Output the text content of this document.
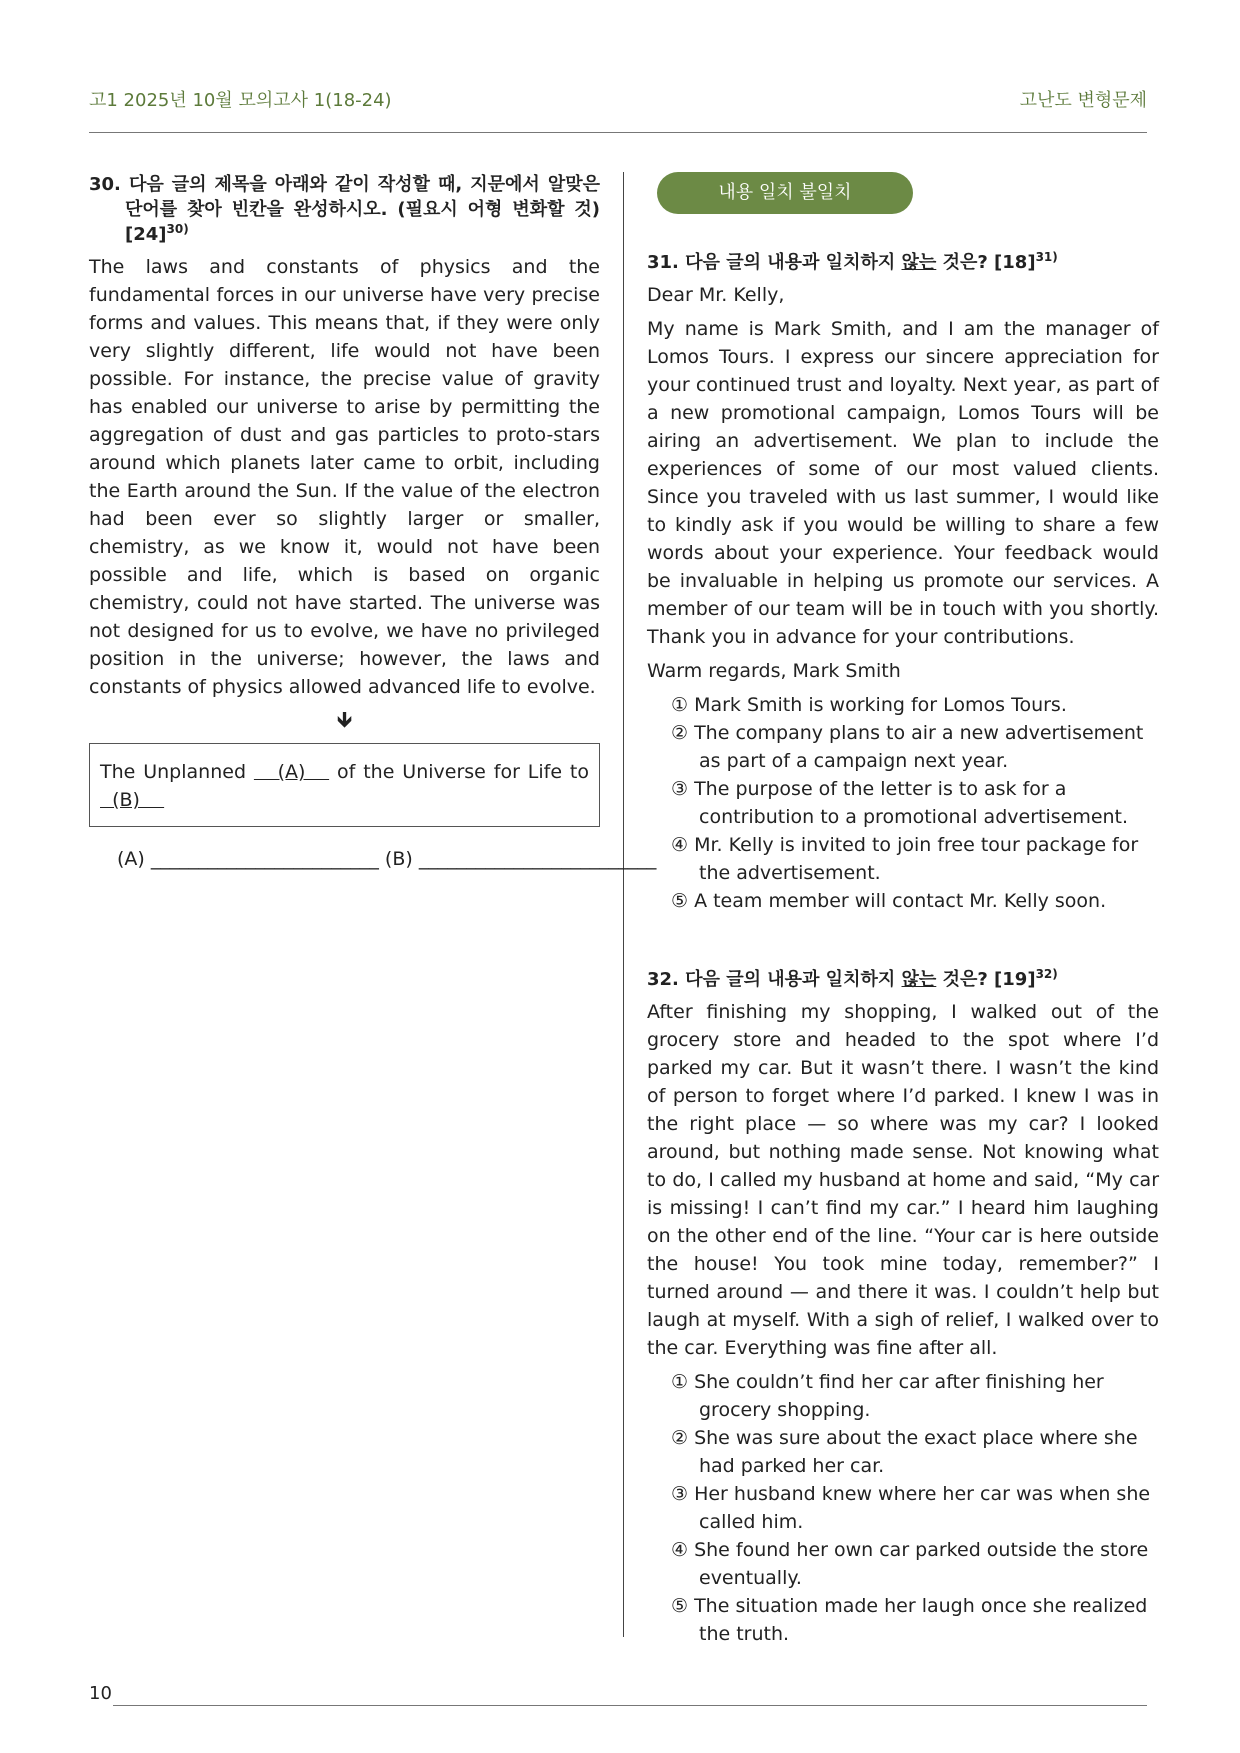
고1 2025년 10월 모의고사 1(18-24)	고난도 변형문제
30. 다음 글의 제목을 아래와 같이 작성할 때, 지문에서 알맞은 단어를 찾아 빈칸을 완성하시오. (필요시 어형 변화할 것) $[24]^{30)}$
The laws and constants of physics and the fundamental forces in our universe have very precise forms and values. This means that, if they were only very slightly different, life would not have been possible. For instance, the precise value of gravity has enabled our universe to arise by permitting the aggregation of dust and gas particles to proto-stars around which planets later came to orbit, including the Earth around the Sun. If the value of the electron had been ever so slightly larger or smaller, chemistry, as we know it, would not have been possible and life, which is based on organic chemistry, could not have started. The universe was not designed for us to evolve, we have no privileged position in the universe; however, the laws and constants of physics allowed advanced life to evolve.
🡻
The Unplanned    (A)    of the Universe for Life to   (B)
(A) ________________________ (B) _________________________
내용 일치 불일치
31. 다음 글의 내용과 일치하지 않는 것은? $[18]^{31)}$
Dear Mr. Kelly,
My name is Mark Smith, and I am the manager of Lomos Tours. I express our sincere appreciation for your continued trust and loyalty. Next year, as part of a new promotional campaign, Lomos Tours will be airing an advertisement. We plan to include the experiences of some of our most valued clients. Since you traveled with us last summer, I would like to kindly ask if you would be willing to share a few words about your experience. Your feedback would be invaluable in helping us promote our services. A member of our team will be in touch with you shortly. Thank you in advance for your contributions.
Warm regards, Mark Smith
① Mark Smith is working for Lomos Tours.
② The company plans to air a new advertisement as part of a campaign next year.
③ The purpose of the letter is to ask for a contribution to a promotional advertisement.
④ Mr. Kelly is invited to join free tour package for the advertisement.
⑤ A team member will contact Mr. Kelly soon.
32. 다음 글의 내용과 일치하지 않는 것은? $[19]^{32)}$
After finishing my shopping, I walked out of the grocery store and headed to the spot where I’d parked my car. But it wasn’t there. I wasn’t the kind of person to forget where I’d parked. I knew I was in the right place — so where was my car? I looked around, but nothing made sense. Not knowing what to do, I called my husband at home and said, “My car is missing! I can’t find my car.” I heard him laughing on the other end of the line. “Your car is here outside the house! You took mine today, remember?” I turned around — and there it was. I couldn’t help but laugh at myself. With a sigh of relief, I walked over to the car. Everything was fine after all.
① She couldn’t find her car after finishing her grocery shopping.
② She was sure about the exact place where she had parked her car.
③ Her husband knew where her car was when she called him.
④ She found her own car parked outside the store eventually.
⑤ The situation made her laugh once she realized the truth.
10
